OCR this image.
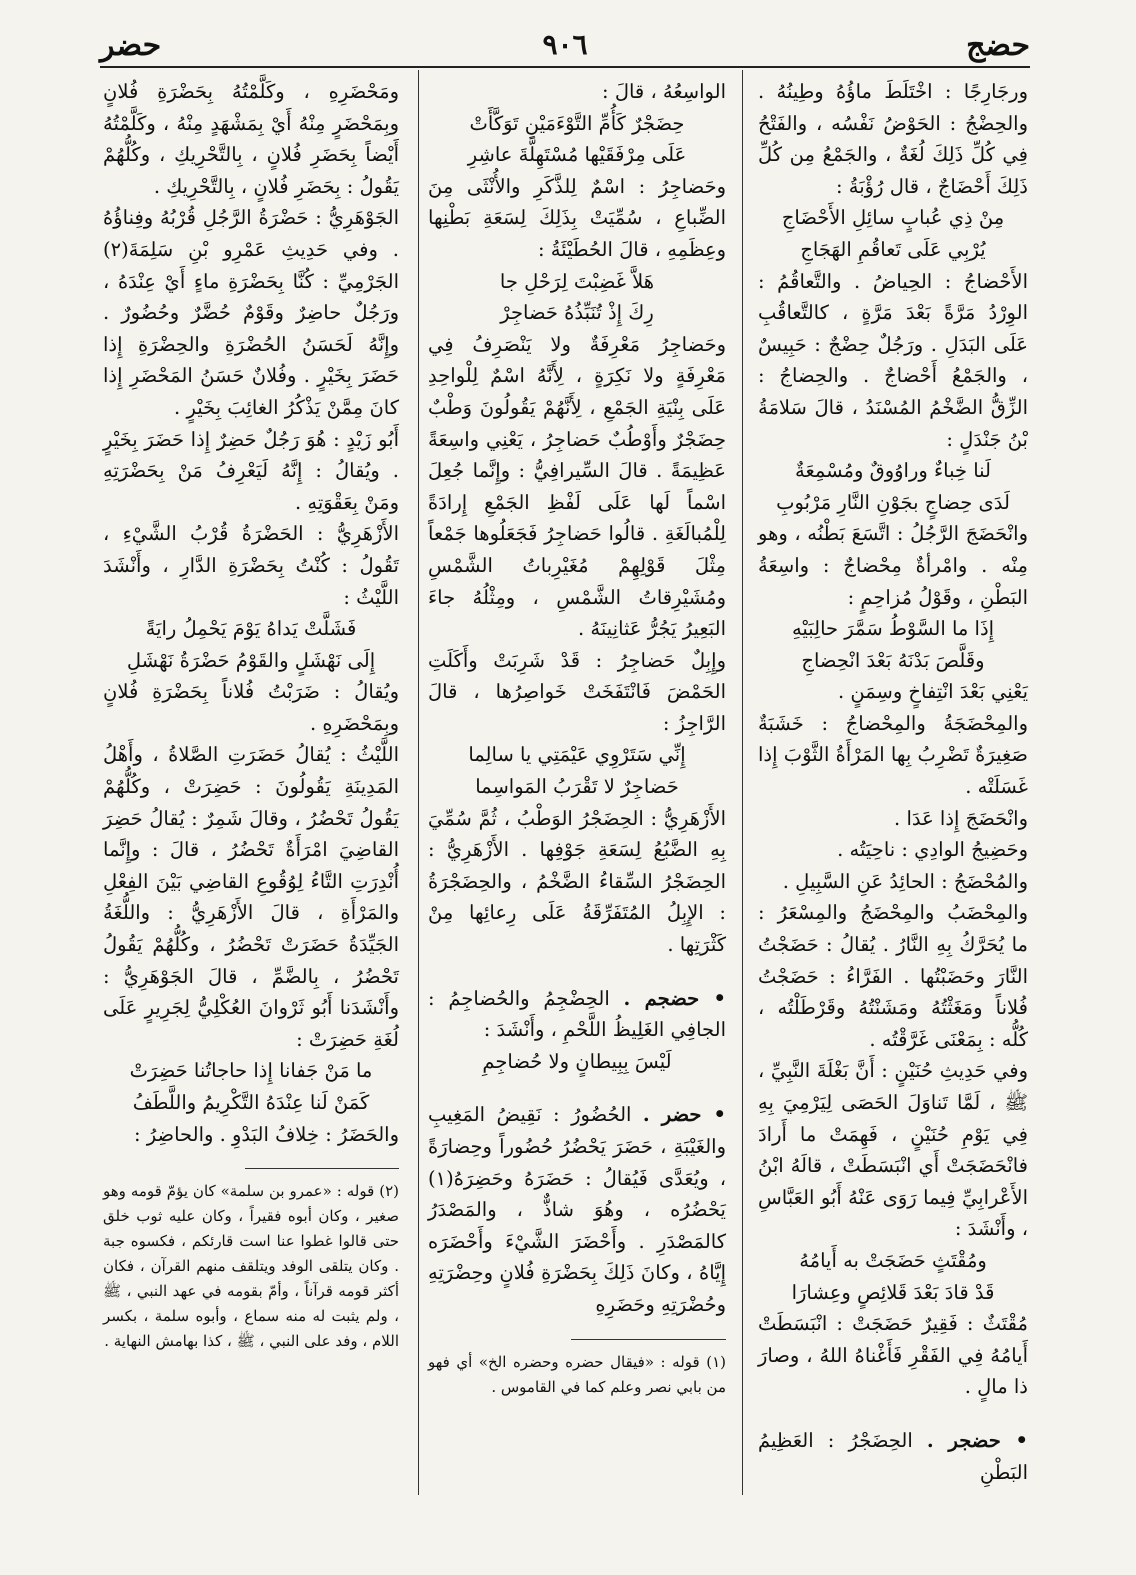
حضج
٩٠٦
حضر

ورجَارِجًا : اخْتَلَطَ ماؤُهُ وطِينُهُ . والحِضْجُ : الحَوْضُ نَفْسُه ، والفَتْحُ فِي كُلِّ ذَلِكَ لُغَةٌ ، والجَمْعُ مِن كُلِّ ذَلِكَ أَحْضَاجٌ ، قال رُؤْبَةُ :

مِنْ ذِي عُبابٍ سائِلِ الأَحْضَاجِ
يُرْبِي عَلَى تَعاقُمِ الهَجَاجِ

الأَحْضاجُ : الحِياضُ . والتَّعاقُمُ : الوِرْدُ مَرَّةً بَعْدَ مَرَّةٍ ، كالتَّعاقُبِ عَلَى البَدَلِ . ورَجُلٌ حِضْجٌ : حَبِيسٌ ، والجَمْعُ أَحْضاجٌ . والحِضاجُ : الزِّقُّ الضَّخْمُ المُسْنَدُ ، قالَ سَلامَةُ بْنُ جَنْدَلٍ :

لَنا خِباءٌ وراوُوقٌ ومُسْمِعَةٌ
لَدَى حِضاجٍ بجَوْنِ النَّارِ مَرْبُوبِ

وانْحَضَجَ الرَّجُلُ : اتَّسَعَ بَطْنُه ، وهو مِنْه . وامْرأةٌ مِحْضاجٌ : واسِعَةُ البَطْنِ ، وقَوْلُ مُزاحِمٍ :

إِذَا ما السَّوْطُ سَمَّرَ حالِبَيْهِ
وقَلَّصَ بَدْنَهُ بَعْدَ انْحِضاجِ

يَعْنِي بَعْدَ انْتِفاخٍ وسِمَنٍ .

والمِحْضَجَةُ والمِحْضاجُ : خَشَبَةٌ صَغِيرَةٌ تَضْرِبُ بِها المَرْأَةُ الثَّوْبَ إِذا غَسَلَتْه .

وانْحَضَجَ إِذا عَدَا .

وحَضِيجُ الوادِي : ناحِيَتُه .

والمُحْضَجُ : الحائِدُ عَنِ السَّبِيلِ .

والمِحْضَبُ والمِحْضَجُ والمِسْعَرُ : ما يُحَرَّكُ بِهِ النَّارُ . يُقالُ : حَضَجْتُ النَّارَ وحَضَبْتُها . الفَرَّاءُ : حَضَجْتُ فُلاناً ومَغَثْتُهُ ومَشَنْتُهُ وقَرْطَلْتُه ، كُلُّه : بِمَعْنَى غَرَّقْتُه .

وفي حَدِيثِ حُنَيْنٍ : أَنَّ بَغْلَةَ النَّبِيِّ ، ﷺ ، لَمَّا تَناوَلَ الحَصَى لِيَرْمِيَ بِهِ فِي يَوْمِ حُنَيْنٍ ، فَهِمَتْ ما أَرادَ فانْحَضَجَتْ أَي انْبَسَطَتْ ، قالَهُ ابْنُ الأَعْرابِيِّ فِيما رَوَى عَنْهُ أَبُو العَبَّاسِ ، وأَنْشَدَ :

ومُقْتَثٍ حَضَجَتْ به أَيامُهُ
قَدْ قادَ بَعْدَ قَلائِصٍ وعِشارَا

مُقْتَثٌ : فَقِيرٌ حَضَجَتْ : انْبَسَطَتْ أَيامُهُ فِي الفَقْرِ فَأَغْناهُ اللهُ ، وصارَ ذا مالٍ .

• حضجر . الحِضَجْرُ : العَظِيمُ البَطْنِ

الواسِعُهُ ، قالَ :

حِضَجْرٌ كَأُمِّ التَّوْءَمَيْنِ تَوَكَّأَتْ
عَلَى مِرْفَقَيْها مُسْتَهِلَّةَ عاشِرِ

وحَضاجِرُ : اسْمٌ لِلذَّكَرِ والأُنْثَى مِنَ الضِّباعِ ، سُمِّيَتْ بِذَلِكَ لِسَعَةِ بَطْنِها وعِظَمِهِ ، قالَ الحُطَيْئَةُ :

هَلاَّ غَضِبْتَ لِرَحْلِ جا
رِكَ إِذْ تُنَبِّذُهُ حَضاجِرْ

وحَضاجِرُ مَعْرِفَةٌ ولا يَنْصَرِفُ فِي مَعْرِفَةٍ ولا نَكِرَةٍ ، لِأَنَّهُ اسْمٌ لِلْواحِدِ عَلَى بِنْيَةِ الجَمْعِ ، لِأَنَّهُمْ يَقُولُونَ وَطْبٌ حِضَجْرٌ وأَوْطُبٌ حَضاجِرُ ، يَعْنِي واسِعَةً عَظِيمَةً . قالَ السِّيرافِيُّ : وإِنَّما جُعِلَ اسْماً لَها عَلَى لَفْظِ الجَمْعِ إِرادَةً لِلْمُبالَغَةِ . قالُوا حَضاجِرُ فَجَعَلُوها جَمْعاً مِثْلَ قَوْلِهِمْ مُغَيْرِباتُ الشَّمْسِ ومُشَيْرِقاتُ الشَّمْسِ ، ومِثْلُهُ جاءَ البَعِيرُ يَجُرُّ عَثانِينَهُ .

وإِبِلٌ حَضاجِرُ : قَدْ شَرِبَتْ وأَكَلَتِ الحَمْضَ فَانْتَفَخَتْ خَواصِرُها ، قالَ الرَّاجِزُ :

إِنِّي سَتَرْوِي عَيْمَتِي يا سالِما
حَضاجِرٌ لا تَقْرَبُ المَواسِما

الأَزْهَرِيُّ : الحِضَجْرُ الوَطْبُ ، ثُمَّ سُمِّيَ بِهِ الضَّبُعُ لِسَعَةِ جَوْفِها . الأَزْهَرِيُّ : الحِضَجْرُ السِّقاءُ الضَّخْمُ ، والحِضَجْرَةُ : الإِبِلُ المُتَفَرِّقَةُ عَلَى رِعائِها مِنْ كَثْرَتِها .

• حضجم . الحِضْجِمُ والحُضاجِمُ : الجافِي الغَلِيظُ اللَّحْمِ ، وأَنْشَدَ :

لَيْسَ بِبِيطانٍ ولا حُضاجِمِ

• حضر . الحُضُورُ : نَقِيضُ المَغِيبِ والغَيْبَةِ ، حَضَرَ يَحْضُرُ حُضُوراً وحِضارَةً ، ويُعَدَّى فَيُقالُ : حَضَرَهُ وحَضِرَهُ(١) يَحْضُرُه ، وهُوَ شاذٌّ ، والمَصْدَرُ كالمَصْدَرِ . وأَحْضَرَ الشَّيْءَ وأَحْضَرَه إِيَّاهُ ، وكانَ ذَلِكَ بِحَضْرَةِ فُلانٍ وحِضْرَتِهِ وحُضْرَتِهِ وحَضَرِهِ

(١) قوله : «فيقال حضره وحضره الخ» أي فهو من بابي نصر وعلم كما في القاموس .

ومَحْضَرِهِ ، وكَلَّمْتُهُ بِحَضْرَةِ فُلانٍ وبِمَحْضَرٍ مِنْهُ أَيْ بِمَشْهَدٍ مِنْهُ ، وكَلَّمْتُهُ أَيْضاً بِحَضَرِ فُلانٍ ، بِالتَّحْرِيكِ ، وكُلُّهُمْ يَقُولُ : بِحَضَرِ فُلانٍ ، بِالتَّحْرِيكِ .

الجَوْهَرِيُّ : حَضْرَةُ الرَّجُلِ قُرْبُهُ وفِناؤُهُ . وفي حَدِيثِ عَمْرِو بْنِ سَلِمَةَ(٢) الجَرْمِيِّ : كُنَّا بِحَضْرَةِ ماءٍ أَيْ عِنْدَهُ ، ورَجُلٌ حاضِرٌ وقَوْمٌ حُضَّرٌ وحُضُورٌ . وإِنَّهُ لَحَسَنُ الحُضْرَةِ والحِضْرَةِ إِذا حَضَرَ بِخَيْرٍ . وفُلانٌ حَسَنُ المَحْضَرِ إِذا كانَ مِمَّنْ يَذْكُرُ الغائِبَ بِخَيْرٍ .

أَبُو زَيْدٍ : هُوَ رَجُلٌ حَضِرٌ إِذا حَضَرَ بِخَيْرٍ . ويُقالُ : إِنَّهُ لَيَعْرِفُ مَنْ بِحَضْرَتِهِ ومَنْ بِعَقْوَتِهِ .

الأَزْهَرِيُّ : الحَضْرَةُ قُرْبُ الشَّيْءِ ، تَقُولُ : كُنْتُ بِحَضْرَةِ الدَّارِ ، وأَنْشَدَ اللَّيْثُ :

فَشَلَّتْ يَداهُ يَوْمَ يَحْمِلُ رايَةً
إِلَى نَهْشَلٍ والقَوْمُ حَضْرَةُ نَهْشَلِ

ويُقالُ : ضَرَبْتُ فُلاناً بِحَضْرَةِ فُلانٍ وبِمَحْضَرِهِ .

اللَّيْثُ : يُقالُ حَضَرَتِ الصَّلاةُ ، وأَهْلُ المَدِينَةِ يَقُولُونَ : حَضِرَتْ ، وكُلُّهُمْ يَقُولُ تَحْضُرُ ، وقالَ شَمِرٌ : يُقالُ حَضِرَ القاضِيَ امْرَأَةٌ تَحْضُرُ ، قالَ : وإِنَّما أُنْدِرَتِ التَّاءُ لِوُقُوعِ القاضِي بَيْنَ الفِعْلِ والمَرْأَةِ ، قالَ الأَزْهَرِيُّ : واللُّغَةُ الجَيِّدَةُ حَضَرَتْ تَحْضُرُ ، وكُلُّهُمْ يَقُولُ تَحْضُرُ ، بِالضَّمِّ ، قالَ الجَوْهَرِيُّ : وأَنْشَدَنا أَبُو ثَرْوانَ العُكْلِيُّ لِجَرِيرٍ عَلَى لُغَةِ حَضِرَتْ :

ما مَنْ جَفانا إِذا حاجاتُنا حَضِرَتْ
كَمَنْ لَنا عِنْدَهُ التَّكْرِيمُ واللَّطَفُ

والحَضَرُ : خِلافُ البَدْوِ . والحاضِرُ :

(٢) قوله : «عمرو بن سلمة» كان يؤمّ قومه وهو صغير ، وكان أبوه فقيراً ، وكان عليه ثوب خلق حتى قالوا غطوا عنا است قارئكم ، فكسوه جبة . وكان يتلقى الوفد ويتلقف منهم القرآن ، فكان أكثر قومه قرآناً ، وأمّ بقومه في عهد النبي ، ﷺ ، ولم يثبت له منه سماع ، وأبوه سلمة ، بكسر اللام ، وفد على النبي ، ﷺ ، كذا بهامش النهاية .
